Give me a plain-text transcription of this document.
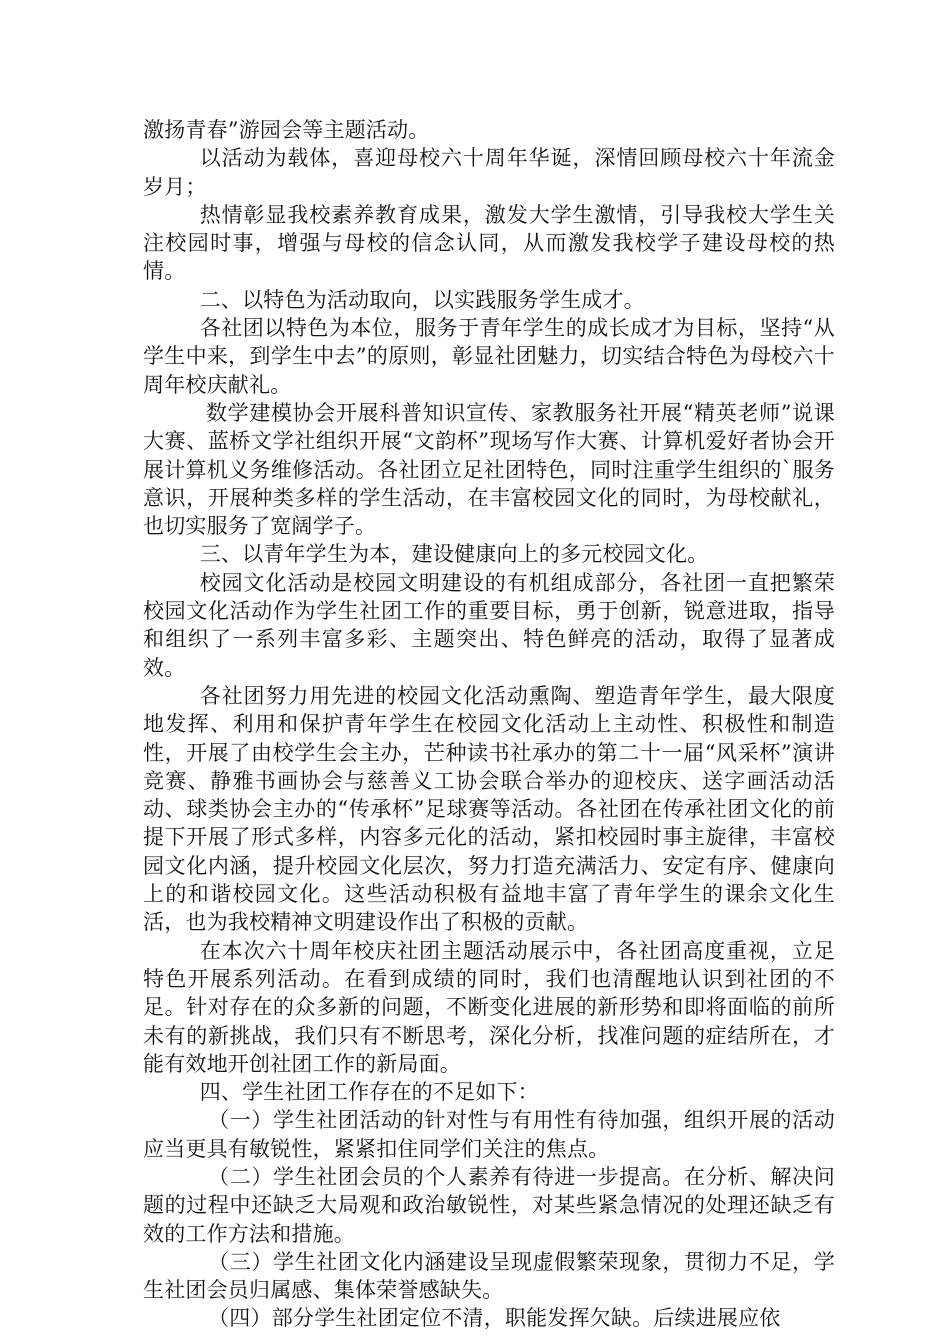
激扬青春”游园会等主题活动。

以活动为载体，喜迎母校六十周年华诞，深情回顾母校六十年流金岁月；

热情彰显我校素养教育成果，激发大学生激情，引导我校大学生关注校园时事，增强与母校的信念认同，从而激发我校学子建设母校的热情。

二、以特色为活动取向，以实践服务学生成才。

各社团以特色为本位，服务于青年学生的成长成才为目标，坚持“从学生中来，到学生中去”的原则，彰显社团魅力，切实结合特色为母校六十周年校庆献礼。

数学建模协会开展科普知识宣传、家教服务社开展“精英老师”说课大赛、蓝桥文学社组织开展“文韵杯”现场写作大赛、计算机爱好者协会开展计算机义务维修活动。各社团立足社团特色，同时注重学生组织的`服务意识，开展种类多样的学生活动，在丰富校园文化的同时，为母校献礼，也切实服务了宽阔学子。

三、以青年学生为本，建设健康向上的多元校园文化。

校园文化活动是校园文明建设的有机组成部分，各社团一直把繁荣校园文化活动作为学生社团工作的重要目标，勇于创新，锐意进取，指导和组织了一系列丰富多彩、主题突出、特色鲜亮的活动，取得了显著成效。

各社团努力用先进的校园文化活动熏陶、塑造青年学生，最大限度地发挥、利用和保护青年学生在校园文化活动上主动性、积极性和制造性，开展了由校学生会主办，芒种读书社承办的第二十一届“风采杯”演讲竞赛、静雅书画协会与慈善义工协会联合举办的迎校庆、送字画活动活动、球类协会主办的“传承杯”足球赛等活动。各社团在传承社团文化的前提下开展了形式多样，内容多元化的活动，紧扣校园时事主旋律，丰富校园文化内涵，提升校园文化层次，努力打造充满活力、安定有序、健康向上的和谐校园文化。这些活动积极有益地丰富了青年学生的课余文化生活，也为我校精神文明建设作出了积极的贡献。

在本次六十周年校庆社团主题活动展示中，各社团高度重视，立足特色开展系列活动。在看到成绩的同时，我们也清醒地认识到社团的不足。针对存在的众多新的问题，不断变化进展的新形势和即将面临的前所未有的新挑战，我们只有不断思考，深化分析，找准问题的症结所在，才能有效地开创社团工作的新局面。

四、学生社团工作存在的不足如下：

（一）学生社团活动的针对性与有用性有待加强，组织开展的活动应当更具有敏锐性，紧紧扣住同学们关注的焦点。

（二）学生社团会员的个人素养有待进一步提高。在分析、解决问题的过程中还缺乏大局观和政治敏锐性，对某些紧急情况的处理还缺乏有效的工作方法和措施。

（三）学生社团文化内涵建设呈现虚假繁荣现象，贯彻力不足，学生社团会员归属感、集体荣誉感缺失。

（四）部分学生社团定位不清，职能发挥欠缺。后续进展应依
